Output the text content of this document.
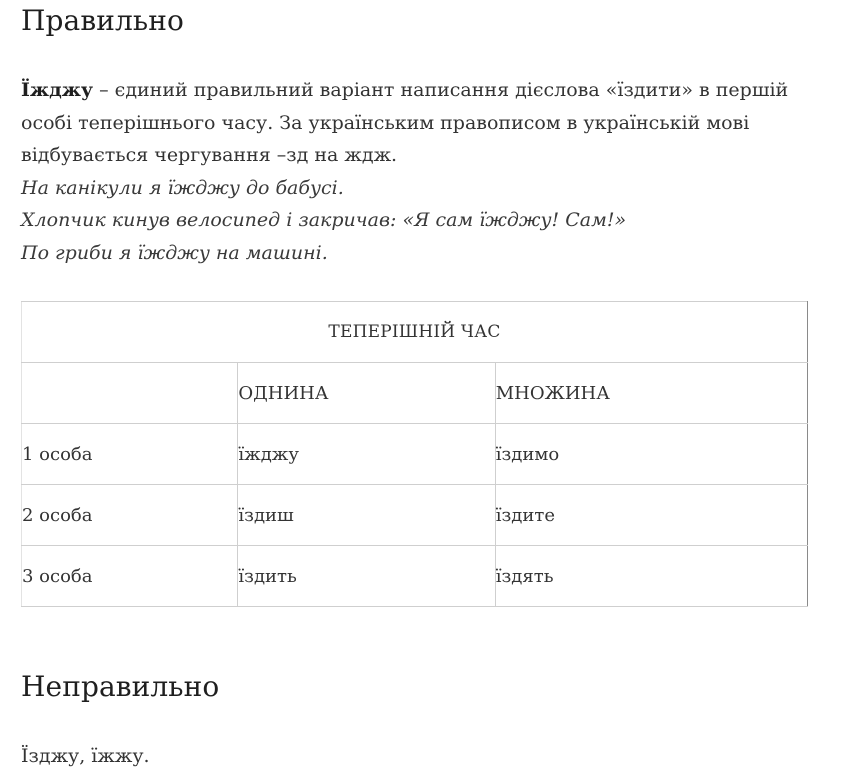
Правильно

Їжджу – єдиний правильний варіант написання дієслова «їздити» в першій
особі теперішнього часу. За українським правописом в українській мові
відбувається чергування –зд на ждж.
На канікули я їжджу до бабусі.
Хлопчик кинув велосипед і закричав: «Я сам їжджу! Сам!»
По гриби я їжджу на машині.

ТЕПЕРІШНІЙ ЧАС		
	ОДНИНА	МНОЖИНА
1 особа	їжджу	їздимо
2 особа	їздиш	їздите
3 особа	їздить	їздять
Неправильно
Їзджу, їжжу.
